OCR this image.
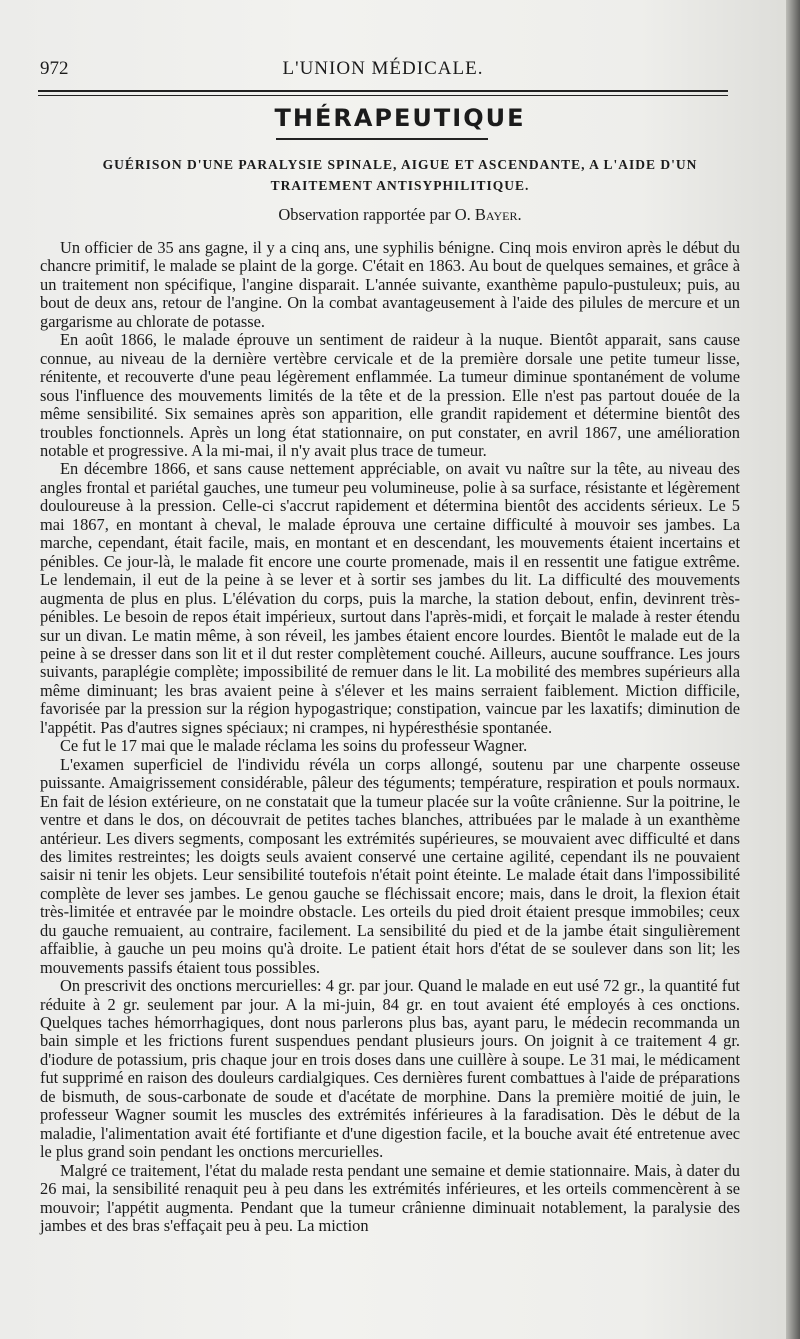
972	L'UNION MÉDICALE.
THÉRAPEUTIQUE
GUÉRISON D'UNE PARALYSIE SPINALE, AIGUE ET ASCENDANTE, A L'AIDE D'UN TRAITEMENT ANTISYPHILITIQUE.
Observation rapportée par O. Bayer.

Un officier de 35 ans gagne, il y a cinq ans, une syphilis bénigne. Cinq mois environ après le début du chancre primitif, le malade se plaint de la gorge. C'était en 1863. Au bout de quelques semaines, et grâce à un traitement non spécifique, l'angine disparait. L'année suivante, exanthème papulo-pustuleux; puis, au bout de deux ans, retour de l'angine. On la combat avantageusement à l'aide des pilules de mercure et un gargarisme au chlorate de potasse.

En août 1866, le malade éprouve un sentiment de raideur à la nuque. Bientôt apparait, sans cause connue, au niveau de la dernière vertèbre cervicale et de la première dorsale une petite tumeur lisse, rénitente, et recouverte d'une peau légèrement enflammée. La tumeur diminue spontanément de volume sous l'influence des mouvements limités de la tête et de la pression. Elle n'est pas partout douée de la même sensibilité. Six semaines après son apparition, elle grandit rapidement et détermine bientôt des troubles fonctionnels. Après un long état stationnaire, on put constater, en avril 1867, une amélioration notable et progressive. A la mi-mai, il n'y avait plus trace de tumeur.

En décembre 1866, et sans cause nettement appréciable, on avait vu naître sur la tête, au niveau des angles frontal et pariétal gauches, une tumeur peu volumineuse, polie à sa surface, résistante et légèrement douloureuse à la pression. Celle-ci s'accrut rapidement et détermina bientôt des accidents sérieux. Le 5 mai 1867, en montant à cheval, le malade éprouva une certaine difficulté à mouvoir ses jambes. La marche, cependant, était facile, mais, en montant et en descendant, les mouvements étaient incertains et pénibles. Ce jour-là, le malade fit encore une courte promenade, mais il en ressentit une fatigue extrême. Le lendemain, il eut de la peine à se lever et à sortir ses jambes du lit. La difficulté des mouvements augmenta de plus en plus. L'élévation du corps, puis la marche, la station debout, enfin, devinrent très-pénibles. Le besoin de repos était impérieux, surtout dans l'après-midi, et forçait le malade à rester étendu sur un divan. Le matin même, à son réveil, les jambes étaient encore lourdes. Bientôt le malade eut de la peine à se dresser dans son lit et il dut rester complètement couché. Ailleurs, aucune souffrance. Les jours suivants, paraplégie complète; impossibilité de remuer dans le lit. La mobilité des membres supérieurs alla même diminuant; les bras avaient peine à s'élever et les mains serraient faiblement. Miction difficile, favorisée par la pression sur la région hypogastrique; constipation, vaincue par les laxatifs; diminution de l'appétit. Pas d'autres signes spéciaux; ni crampes, ni hypéresthésie spontanée.

Ce fut le 17 mai que le malade réclama les soins du professeur Wagner.

L'examen superficiel de l'individu révéla un corps allongé, soutenu par une charpente osseuse puissante. Amaigrissement considérable, pâleur des téguments; température, respiration et pouls normaux. En fait de lésion extérieure, on ne constatait que la tumeur placée sur la voûte crânienne. Sur la poitrine, le ventre et dans le dos, on découvrait de petites taches blanches, attribuées par le malade à un exanthème antérieur. Les divers segments, composant les extrémités supérieures, se mouvaient avec difficulté et dans des limites restreintes; les doigts seuls avaient conservé une certaine agilité, cependant ils ne pouvaient saisir ni tenir les objets. Leur sensibilité toutefois n'était point éteinte. Le malade était dans l'impossibilité complète de lever ses jambes. Le genou gauche se fléchissait encore; mais, dans le droit, la flexion était très-limitée et entravée par le moindre obstacle. Les orteils du pied droit étaient presque immobiles; ceux du gauche remuaient, au contraire, facilement. La sensibilité du pied et de la jambe était singulièrement affaiblie, à gauche un peu moins qu'à droite. Le patient était hors d'état de se soulever dans son lit; les mouvements passifs étaient tous possibles.

On prescrivit des onctions mercurielles: 4 gr. par jour. Quand le malade en eut usé 72 gr., la quantité fut réduite à 2 gr. seulement par jour. A la mi-juin, 84 gr. en tout avaient été employés à ces onctions. Quelques taches hémorrhagiques, dont nous parlerons plus bas, ayant paru, le médecin recommanda un bain simple et les frictions furent suspendues pendant plusieurs jours. On joignit à ce traitement 4 gr. d'iodure de potassium, pris chaque jour en trois doses dans une cuillère à soupe. Le 31 mai, le médicament fut supprimé en raison des douleurs cardialgiques. Ces dernières furent combattues à l'aide de préparations de bismuth, de sous-carbonate de soude et d'acétate de morphine. Dans la première moitié de juin, le professeur Wagner soumit les muscles des extrémités inférieures à la faradisation. Dès le début de la maladie, l'alimentation avait été fortifiante et d'une digestion facile, et la bouche avait été entretenue avec le plus grand soin pendant les onctions mercurielles.

Malgré ce traitement, l'état du malade resta pendant une semaine et demie stationnaire. Mais, à dater du 26 mai, la sensibilité renaquit peu à peu dans les extrémités inférieures, et les orteils commencèrent à se mouvoir; l'appétit augmenta. Pendant que la tumeur crânienne diminuait notablement, la paralysie des jambes et des bras s'effaçait peu à peu. La miction
